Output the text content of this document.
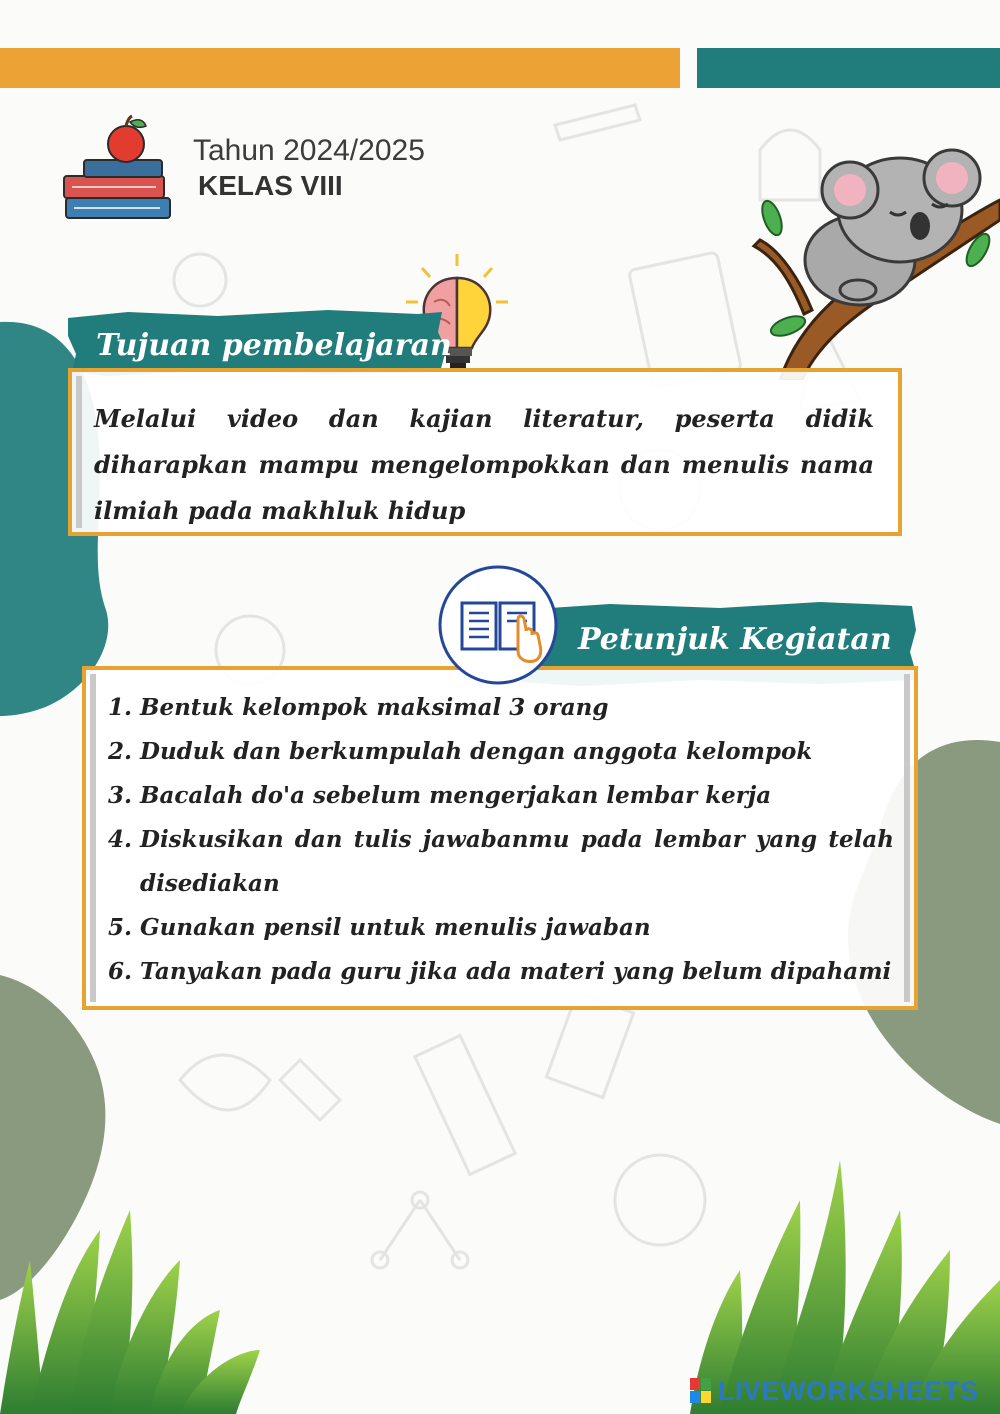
Tahun 2024/2025
KELAS VIII
Tujuan pembelajaran

Melalui video dan kajian literatur, peserta didik diharapkan mampu mengelompokkan dan menulis nama ilmiah pada makhluk hidup

Petunjuk Kegiatan
1. Bentuk kelompok maksimal 3 orang
2. Duduk dan berkumpulah dengan anggota kelompok
3. Bacalah do'a sebelum mengerjakan lembar kerja
4. Diskusikan dan tulis jawabanmu pada lembar yang telah disediakan
5. Gunakan pensil untuk menulis jawaban
6. Tanyakan pada guru jika ada materi yang belum dipahami
LIVEWORKSHEETS
